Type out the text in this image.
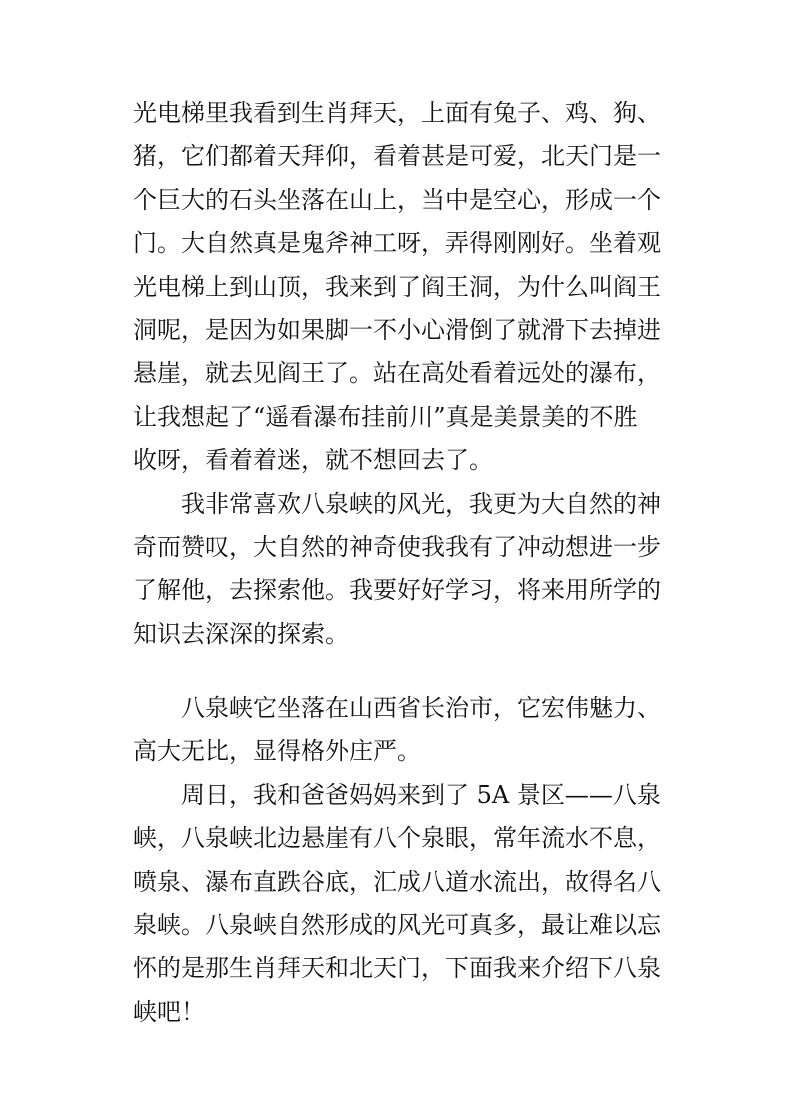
光电梯里我看到生肖拜天，上面有兔子、鸡、狗、
猪，它们都着天拜仰，看着甚是可爱，北天门是一
个巨大的石头坐落在山上，当中是空心，形成一个
门。大自然真是鬼斧神工呀，弄得刚刚好。坐着观
光电梯上到山顶，我来到了阎王洞，为什么叫阎王
洞呢，是因为如果脚一不小心滑倒了就滑下去掉进
悬崖，就去见阎王了。站在高处看着远处的瀑布，
让我想起了“遥看瀑布挂前川”真是美景美的不胜
收呀，看着着迷，就不想回去了。
我非常喜欢八泉峡的风光，我更为大自然的神
奇而赞叹，大自然的神奇使我我有了冲动想进一步
了解他，去探索他。我要好好学习，将来用所学的
知识去深深的探索。
八泉峡它坐落在山西省长治市，它宏伟魅力、
高大无比，显得格外庄严。
周日，我和爸爸妈妈来到了 5A 景区——八泉
峡，八泉峡北边悬崖有八个泉眼，常年流水不息，
喷泉、瀑布直跌谷底，汇成八道水流出，故得名八
泉峡。八泉峡自然形成的风光可真多，最让难以忘
怀的是那生肖拜天和北天门，下面我来介绍下八泉
峡吧！
